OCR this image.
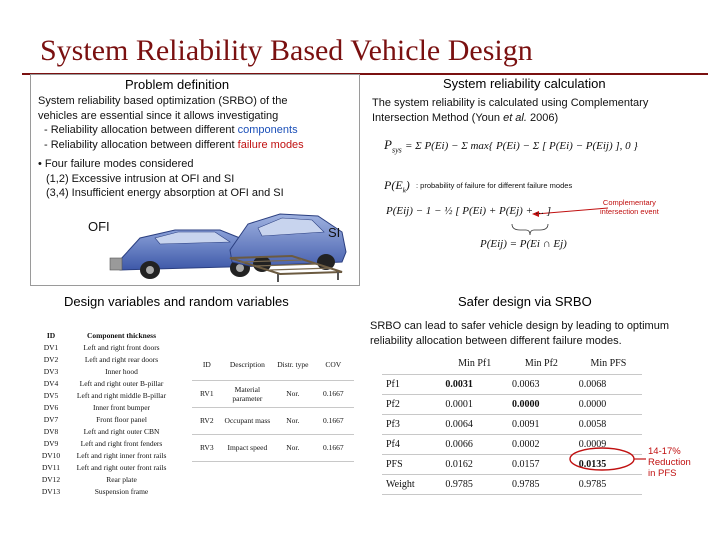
System Reliability Based Vehicle Design
Problem definition
System reliability based optimization (SRBO) of the
vehicles are essential since it allows investigating
- Reliability allocation between different components
- Reliability allocation between different failure modes
• Four failure modes considered
(1,2) Excessive intrusion at OFI and SI
(3,4) Insufficient energy absorption at OFI and SI
OFI	SI
System reliability calculation
The system reliability is calculated using Complementary
Intersection Method (Youn et al. 2006)
$P_{sys} = \Sigma$ P(Ei) − Σ max{ P(Ei) − Σ [ P(Ei) − P(Eij) ], 0 }
$P(E_k)$ : probability of failure for different failure modes
Complementary
intersection event
P(Eij) − 1 − ½ [ P(Ei) + P(Ej) + ... ]
P(Eij) = P(Ei ∩ Ej)
Design variables and random variables
ID	Component thickness
DV1	Left and right front doors
DV2	Left and right rear doors
DV3	Inner hood
DV4	Left and right outer B-pillar
DV5	Left and right middle B-pillar
DV6	Inner front bumper
DV7	Front floor panel
DV8	Left and right outer CBN
DV9	Left and right front fenders
DV10	Left and right inner front rails
DV11	Left and right outer front rails
DV12	Rear plate
DV13	Suspension frame
ID	Description	Distr. type	COV
RV1	Material parameter	Nor.	0.1667
RV2	Occupant mass	Nor.	0.1667
RV3	Impact speed	Nor.	0.1667
Safer design via SRBO
SRBO can lead to safer vehicle design by leading to optimum
reliability allocation between different failure modes.
	Min Pf1	Min Pf2	Min PFS
Pf1	0.0031	0.0063	0.0068
Pf2	0.0001	0.0000	0.0000
Pf3	0.0064	0.0091	0.0058
Pf4	0.0066	0.0002	0.0009
PFS	0.0162	0.0157	0.0135
Weight	0.9785	0.9785	0.9785
14-17%
Reduction
in PFS
